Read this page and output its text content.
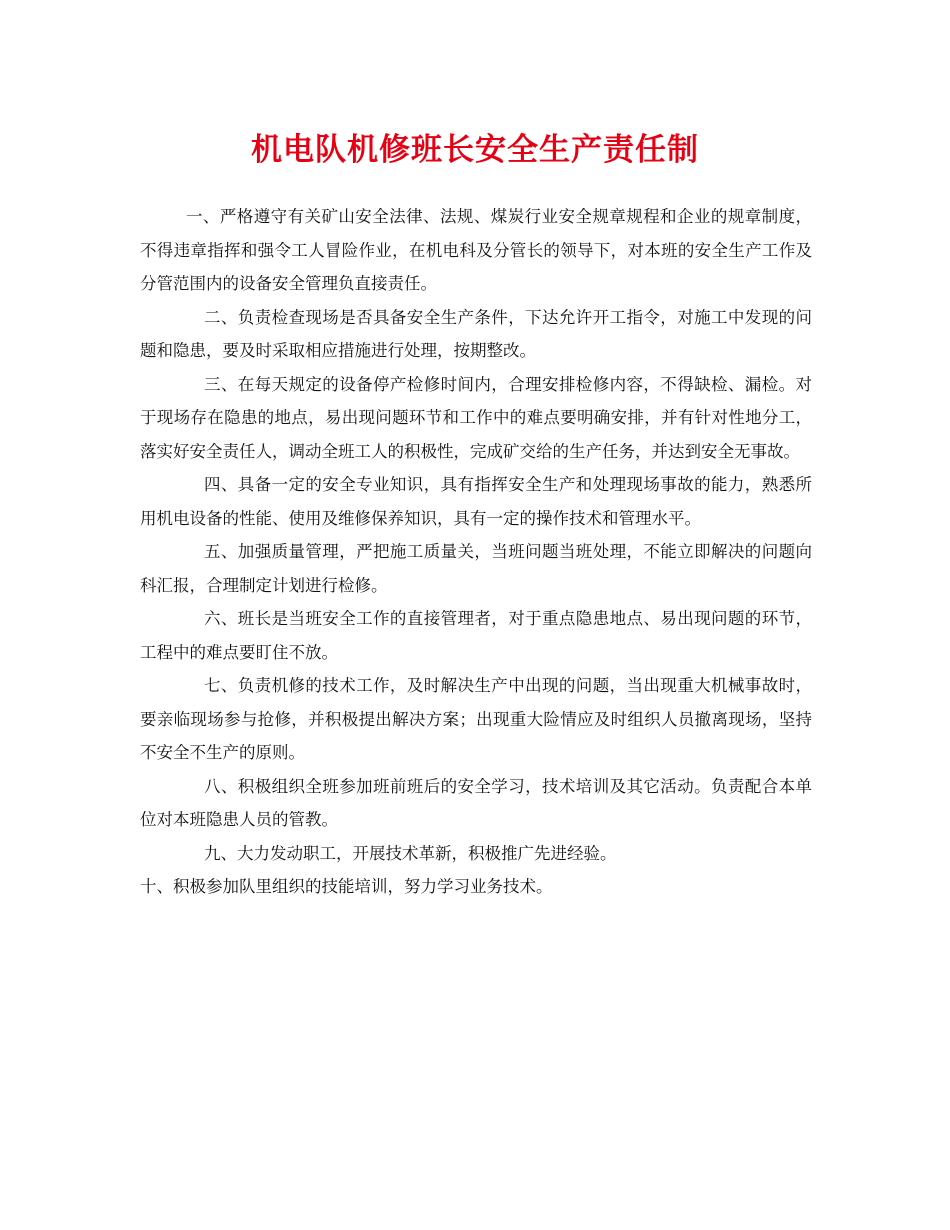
机电队机修班长安全生产责任制

一、严格遵守有关矿山安全法律、法规、煤炭行业安全规章规程和企业的规章制度，不得违章指挥和强令工人冒险作业，在机电科及分管长的领导下，对本班的安全生产工作及分管范围内的设备安全管理负直接责任。

二、负责检查现场是否具备安全生产条件，下达允许开工指令，对施工中发现的问题和隐患，要及时采取相应措施进行处理，按期整改。

三、在每天规定的设备停产检修时间内，合理安排检修内容，不得缺检、漏检。对于现场存在隐患的地点，易出现问题环节和工作中的难点要明确安排，并有针对性地分工，落实好安全责任人，调动全班工人的积极性，完成矿交给的生产任务，并达到安全无事故。

四、具备一定的安全专业知识，具有指挥安全生产和处理现场事故的能力，熟悉所用机电设备的性能、使用及维修保养知识，具有一定的操作技术和管理水平。

五、加强质量管理，严把施工质量关，当班问题当班处理，不能立即解决的问题向科汇报，合理制定计划进行检修。

六、班长是当班安全工作的直接管理者，对于重点隐患地点、易出现问题的环节，工程中的难点要盯住不放。

七、负责机修的技术工作，及时解决生产中出现的问题，当出现重大机械事故时，要亲临现场参与抢修，并积极提出解决方案；出现重大险情应及时组织人员撤离现场，坚持不安全不生产的原则。

八、积极组织全班参加班前班后的安全学习，技术培训及其它活动。负责配合本单位对本班隐患人员的管教。

九、大力发动职工，开展技术革新，积极推广先进经验。

十、积极参加队里组织的技能培训，努力学习业务技术。
